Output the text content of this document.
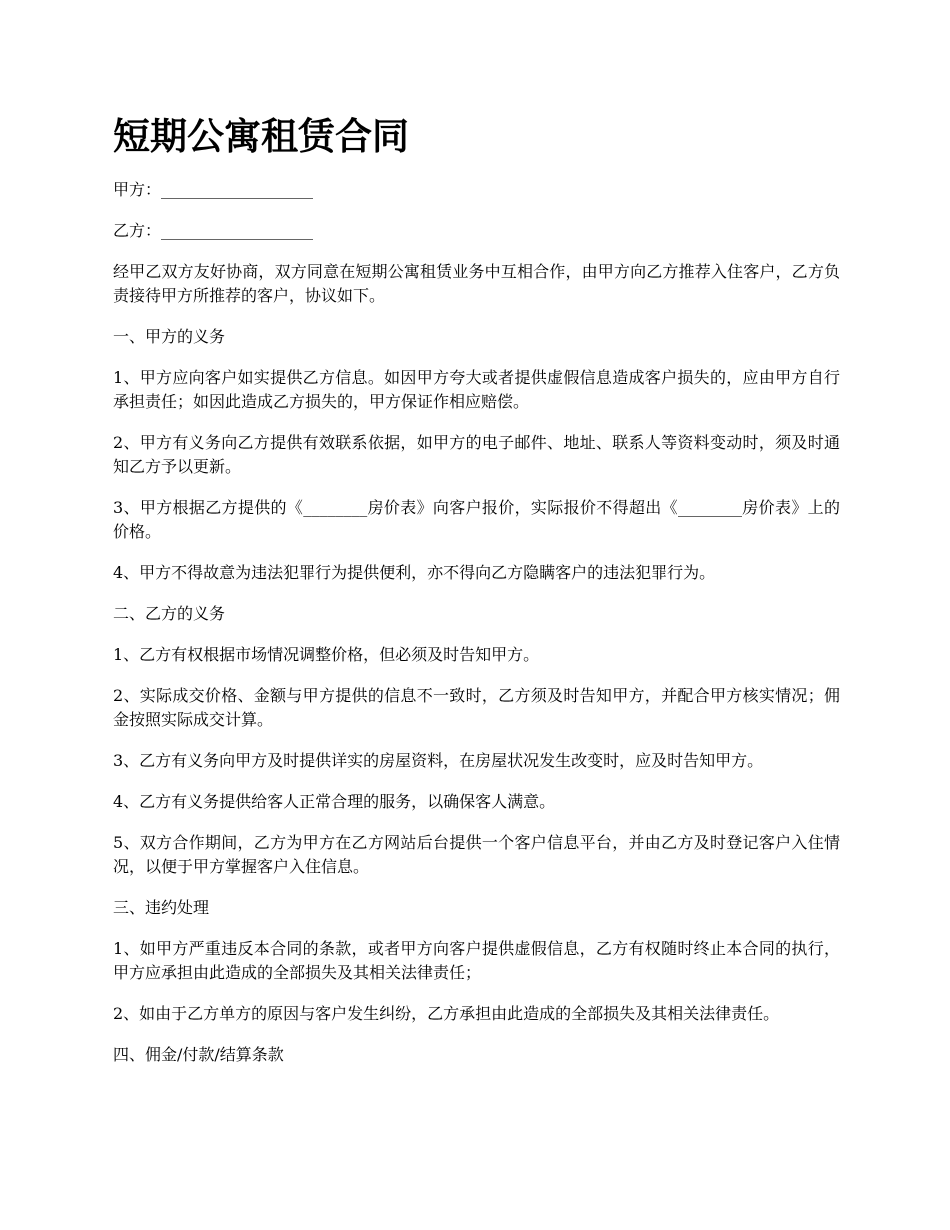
短期公寓租赁合同

甲方：___________________

乙方：___________________

经甲乙双方友好协商，双方同意在短期公寓租赁业务中互相合作，由甲方向乙方推荐入住客户，乙方负责接待甲方所推荐的客户，协议如下。

一、甲方的义务

1、甲方应向客户如实提供乙方信息。如因甲方夸大或者提供虚假信息造成客户损失的，应由甲方自行承担责任；如因此造成乙方损失的，甲方保证作相应赔偿。

2、甲方有义务向乙方提供有效联系依据，如甲方的电子邮件、地址、联系人等资料变动时，须及时通知乙方予以更新。

3、甲方根据乙方提供的《________房价表》向客户报价，实际报价不得超出《________房价表》上的价格。

4、甲方不得故意为违法犯罪行为提供便利，亦不得向乙方隐瞒客户的违法犯罪行为。

二、乙方的义务

1、乙方有权根据市场情况调整价格，但必须及时告知甲方。

2、实际成交价格、金额与甲方提供的信息不一致时，乙方须及时告知甲方，并配合甲方核实情况；佣金按照实际成交计算。

3、乙方有义务向甲方及时提供详实的房屋资料，在房屋状况发生改变时，应及时告知甲方。

4、乙方有义务提供给客人正常合理的服务，以确保客人满意。

5、双方合作期间，乙方为甲方在乙方网站后台提供一个客户信息平台，并由乙方及时登记客户入住情况，以便于甲方掌握客户入住信息。

三、违约处理

1、如甲方严重违反本合同的条款，或者甲方向客户提供虚假信息，乙方有权随时终止本合同的执行，甲方应承担由此造成的全部损失及其相关法律责任；

2、如由于乙方单方的原因与客户发生纠纷，乙方承担由此造成的全部损失及其相关法律责任。

四、佣金/付款/结算条款
